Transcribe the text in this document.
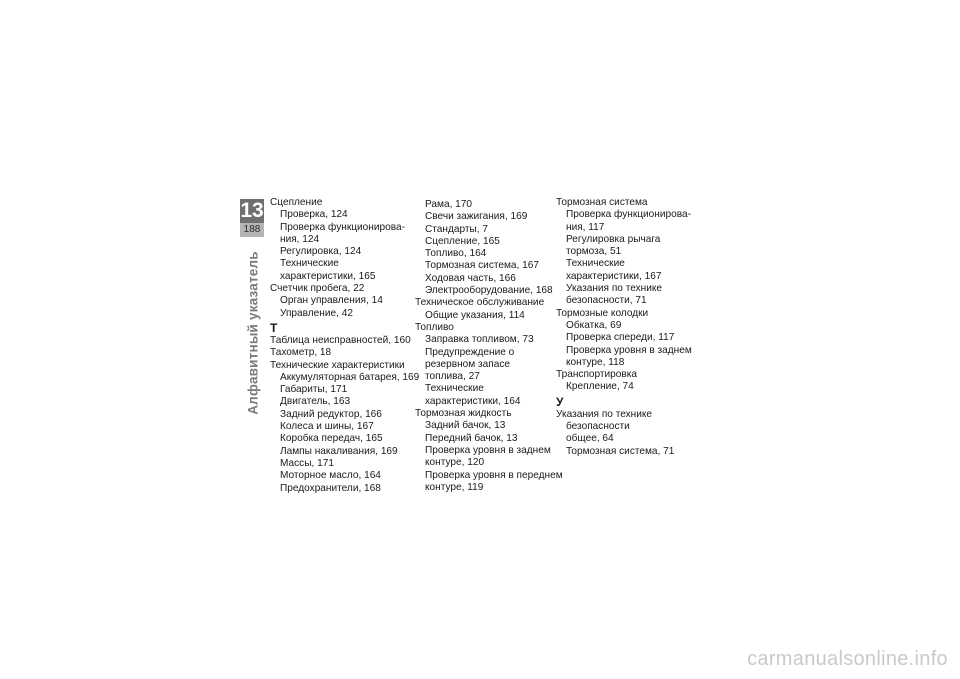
13
188
Алфавитный указатель
Сцепление
Проверка, 124
Проверка функционирова-
ния, 124
Регулировка, 124
Технические
характеристики, 165
Счетчик пробега, 22
Орган управления, 14
Управление, 42
Т
Таблица неисправностей, 160
Тахометр, 18
Технические характеристики
Аккумуляторная батарея, 169
Габариты, 171
Двигатель, 163
Задний редуктор, 166
Колеса и шины, 167
Коробка передач, 165
Лампы накаливания, 169
Массы, 171
Моторное масло, 164
Предохранители, 168
Рама, 170
Свечи зажигания, 169
Стандарты, 7
Сцепление, 165
Топливо, 164
Тормозная система, 167
Ходовая часть, 166
Электрооборудование, 168
Техническое обслуживание
Общие указания, 114
Топливо
Заправка топливом, 73
Предупреждение о
резервном запасе
топлива, 27
Технические
характеристики, 164
Тормозная жидкость
Задний бачок, 13
Передний бачок, 13
Проверка уровня в заднем
контуре, 120
Проверка уровня в переднем
контуре, 119
Тормозная система
Проверка функционирова-
ния, 117
Регулировка рычага
тормоза, 51
Технические
характеристики, 167
Указания по технике
безопасности, 71
Тормозные колодки
Обкатка, 69
Проверка спереди, 117
Проверка уровня в заднем
контуре, 118
Транспортировка
Крепление, 74
У
Указания по технике
безопасности
общее, 64
Тормозная система, 71
carmanualsonline.info
